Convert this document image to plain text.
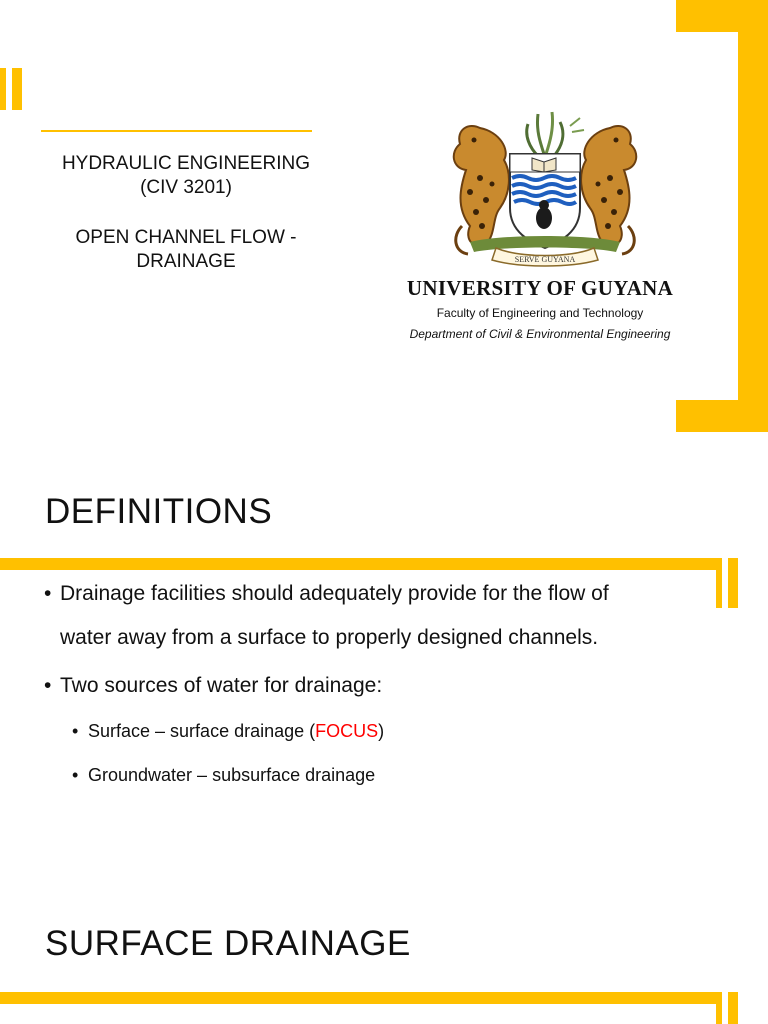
HYDRAULIC ENGINEERING
(CIV 3201)
OPEN CHANNEL FLOW -
DRAINAGE	SERVE GUYANA
UNIVERSITY OF GUYANA
Faculty of Engineering and Technology
Department of Civil & Environmental Engineering
DEFINITIONS
• Drainage facilities should adequately provide for the flow of
water away from a surface to properly designed channels.
• Two sources of water for drainage:
• Surface – surface drainage (FOCUS)
• Groundwater – subsurface drainage
SURFACE DRAINAGE
